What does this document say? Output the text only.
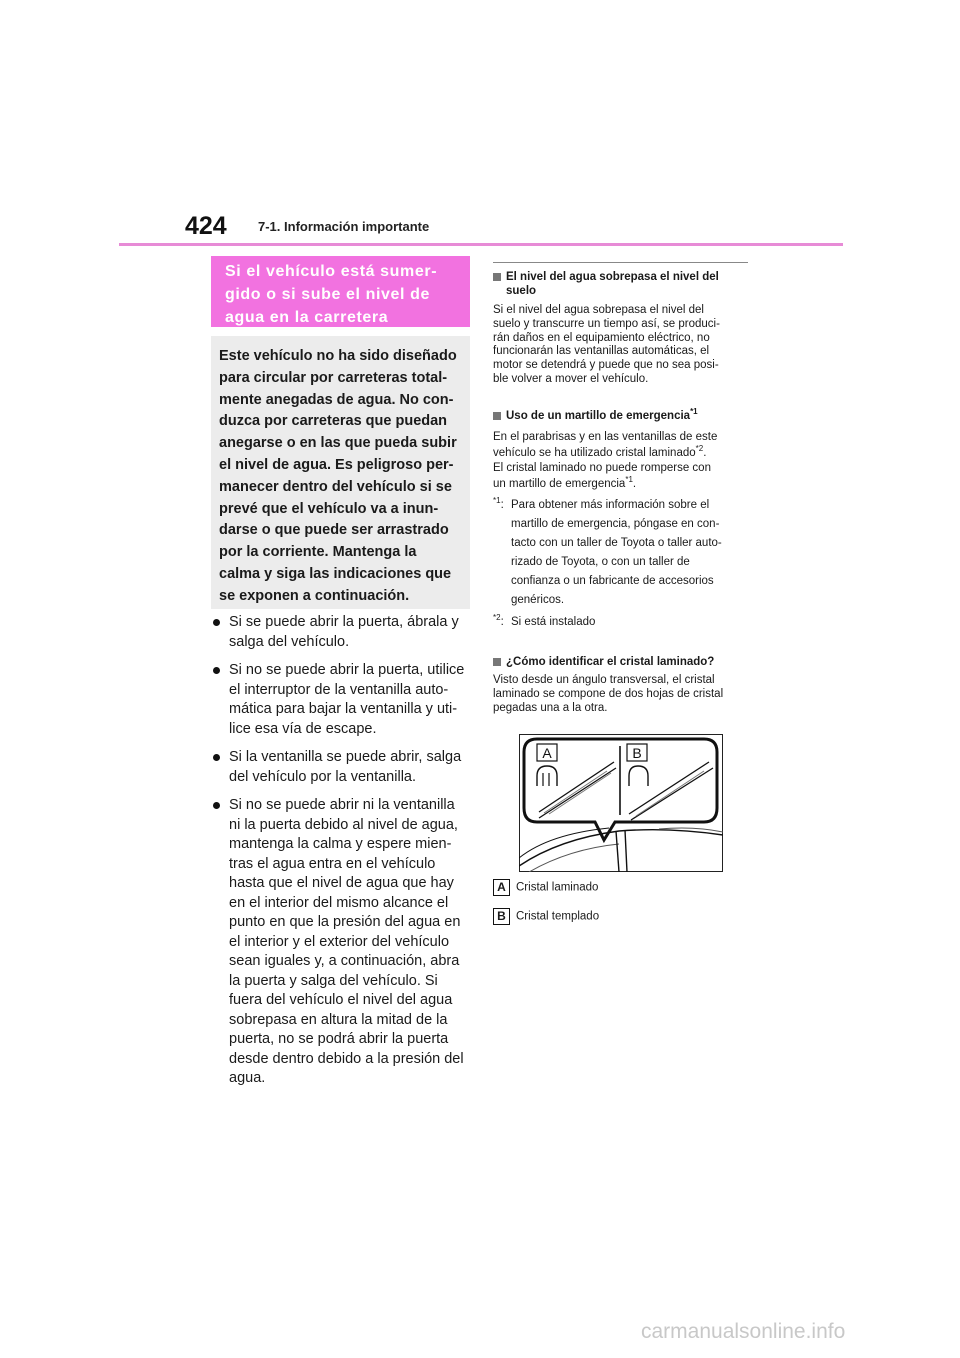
424 7-1. Información importante
Si el vehículo está sumer-
gido o si sube el nivel de
agua en la carretera
Este vehículo no ha sido diseñado
para circular por carreteras total-
mente anegadas de agua. No con-
duzca por carreteras que puedan
anegarse o en las que pueda subir
el nivel de agua. Es peligroso per-
manecer dentro del vehículo si se
prevé que el vehículo va a inun-
darse o que puede ser arrastrado
por la corriente. Mantenga la
calma y siga las indicaciones que
se exponen a continuación.
Si se puede abrir la puerta, ábrala y
salga del vehículo.
Si no se puede abrir la puerta, utilice
el interruptor de la ventanilla auto-
mática para bajar la ventanilla y uti-
lice esa vía de escape.
Si la ventanilla se puede abrir, salga
del vehículo por la ventanilla.
Si no se puede abrir ni la ventanilla
ni la puerta debido al nivel de agua,
mantenga la calma y espere mien-
tras el agua entra en el vehículo
hasta que el nivel de agua que hay
en el interior del mismo alcance el
punto en que la presión del agua en
el interior y el exterior del vehículo
sean iguales y, a continuación, abra
la puerta y salga del vehículo. Si
fuera del vehículo el nivel del agua
sobrepasa en altura la mitad de la
puerta, no se podrá abrir la puerta
desde dentro debido a la presión del
agua.
El nivel del agua sobrepasa el nivel del
suelo
Si el nivel del agua sobrepasa el nivel del
suelo y transcurre un tiempo así, se produci-
rán daños en el equipamiento eléctrico, no
funcionarán las ventanillas automáticas, el
motor se detendrá y puede que no sea posi-
ble volver a mover el vehículo.
Uso de un martillo de emergencia$^{*1}$
En el parabrisas y en las ventanillas de este
vehículo se ha utilizado cristal laminado$^{*2}$.
El cristal laminado no puede romperse con
un martillo de emergencia$^{*1}$.
$^{*1}$: Para obtener más información sobre el
martillo de emergencia, póngase en con-
tacto con un taller de Toyota o taller auto-
rizado de Toyota, o con un taller de
confianza o un fabricante de accesorios
genéricos.
$^{*2}$: Si está instalado
¿Cómo identificar el cristal laminado?
Visto desde un ángulo transversal, el cristal
laminado se compone de dos hojas de cristal
pegadas una a la otra.
A	B
A Cristal laminado
B Cristal templado
carmanualsonline.info
